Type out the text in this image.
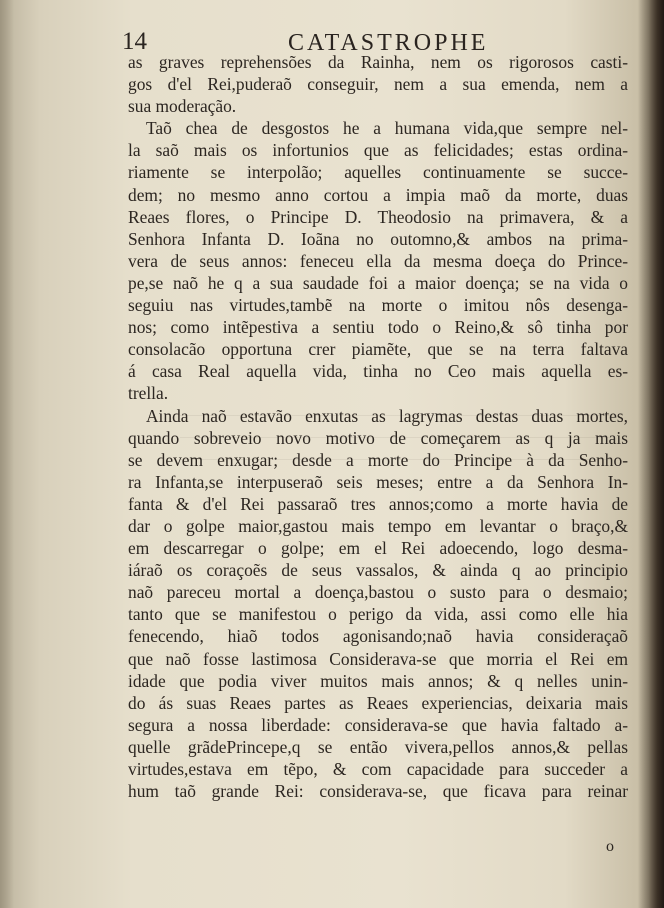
14	CATASTROPHE
as graves reprehensões da Rainha, nem os rigorosos casti-
gos d'el Rei,puderaõ conseguir, nem a sua emenda, nem a
sua moderação.
Taõ chea de desgostos he a humana vida,que sempre nel-
la saõ mais os infortunios que as felicidades; estas ordina-
riamente se interpolão; aquelles continuamente se succe-
dem; no mesmo anno cortou a impia maõ da morte, duas
Reaes flores, o Principe D. Theodosio na primavera, & a
Senhora Infanta D. Ioãna no outomno,& ambos na prima-
vera de seus annos: feneceu ella da mesma doeça do Prince-
pe,se naõ he q a sua saudade foi a maior doença; se na vida o
seguiu nas virtudes,tambẽ na morte o imitou nôs desenga-
nos; como intẽpestiva a sentiu todo o Reino,& sô tinha por
consolacão opportuna crer piamẽte, que se na terra faltava
á casa Real aquella vida, tinha no Ceo mais aquella es-
trella.
Ainda naõ estavão enxutas as lagrymas destas duas mortes,
quando sobreveio novo motivo de começarem as q ja mais
se devem enxugar; desde a morte do Principe à da Senho-
ra Infanta,se interpuseraõ seis meses; entre a da Senhora In-
fanta & d'el Rei passaraõ tres annos;como a morte havia de
dar o golpe maior,gastou mais tempo em levantar o braço,&
em descarregar o golpe; em el Rei adoecendo, logo desma-
iáraõ os coraçoẽs de seus vassalos, & ainda q ao principio
naõ pareceu mortal a doença,bastou o susto para o desmaio;
tanto que se manifestou o perigo da vida, assi como elle hia
fenecendo, hiaõ todos agonisando;naõ havia consideraçaõ
que naõ fosse lastimosa Considerava-se que morria el Rei em
idade que podia viver muitos mais annos; & q nelles unin-
do ás suas Reaes partes as Reaes experiencias, deixaria mais
segura a nossa liberdade: considerava-se que havia faltado a-
quelle grãdePrincepe,q se então vivera,pellos annos,& pellas
virtudes,estava em tẽpo, & com capacidade para succeder a
hum taõ grande Rei: considerava-se, que ficava para reinar
o
